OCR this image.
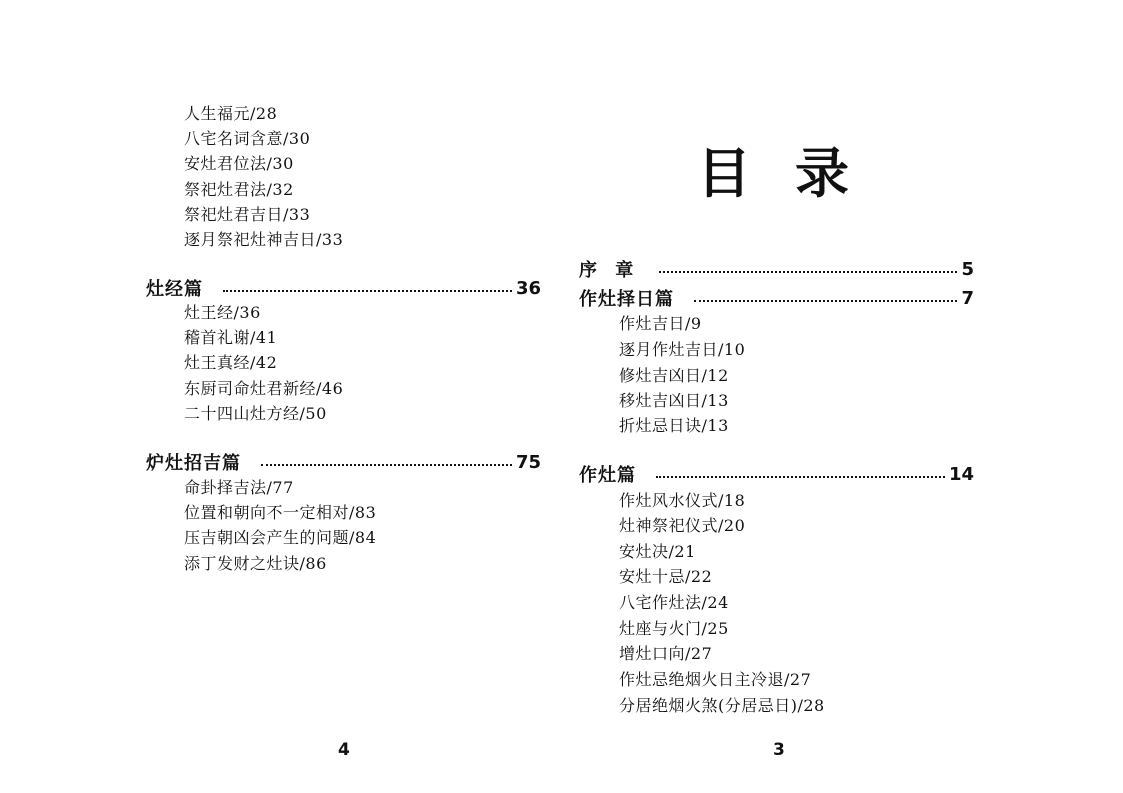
人生福元/28
八宅名词含意/30
安灶君位法/30
祭祀灶君法/32
祭祀灶君吉日/33
逐月祭祀灶神吉日/33
灶经篇	36
灶王经/36
稽首礼谢/41
灶王真经/42
东厨司命灶君新经/46
二十四山灶方经/50
炉灶招吉篇	75
命卦择吉法/77
位置和朝向不一定相对/83
压吉朝凶会产生的问题/84
添丁发财之灶诀/86
4
目录
序 章	5
作灶择日篇	7
作灶吉日/9
逐月作灶吉日/10
修灶吉凶日/12
移灶吉凶日/13
折灶忌日诀/13
作灶篇	14
作灶风水仪式/18
灶神祭祀仪式/20
安灶决/21
安灶十忌/22
八宅作灶法/24
灶座与火门/25
增灶口向/27
作灶忌绝烟火日主冷退/27
分居绝烟火煞(分居忌日)/28
3
